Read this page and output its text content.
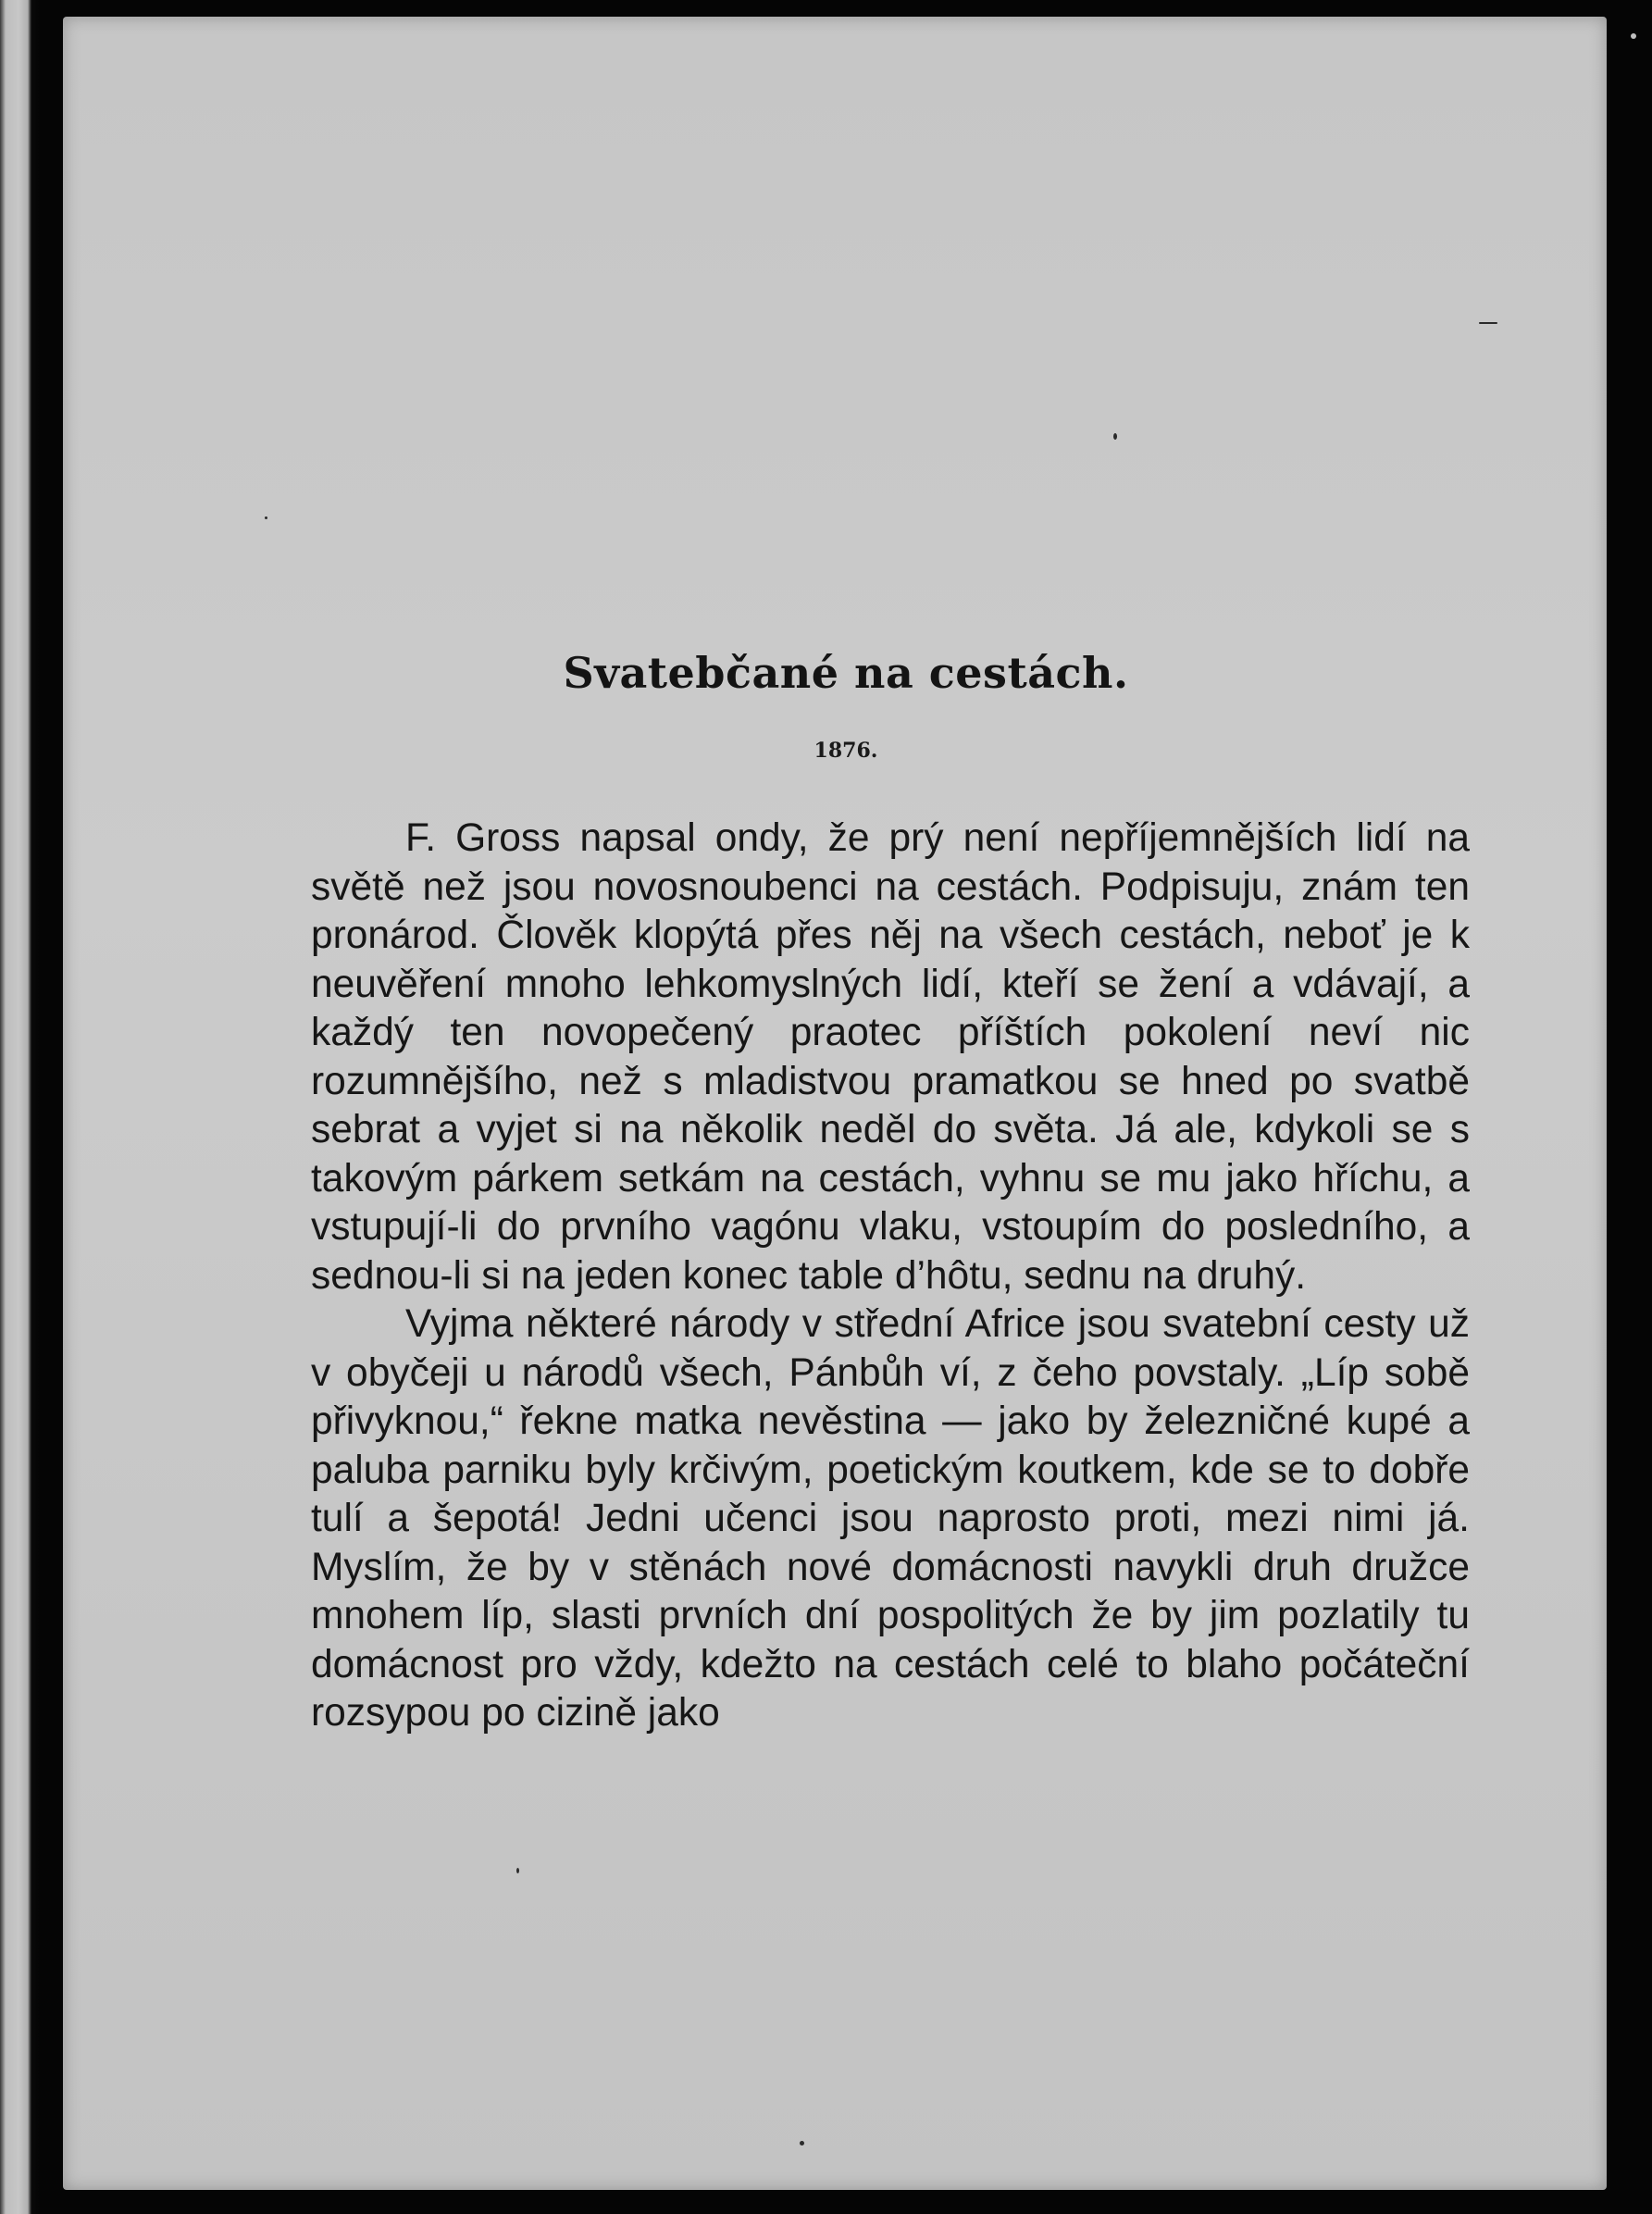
Svatebčané na cestách.
1876.

F. Gross napsal ondy, že prý není nepříjemnějších lidí na světě než jsou novosnoubenci na cestách. Podpisuju, znám ten pronárod. Člověk klopýtá přes něj na všech cestách, neboť je k neuvěření mnoho lehkomyslných lidí, kteří se žení a vdávají, a každý ten novopečený praotec příštích pokolení neví nic rozumnějšího, než s mladistvou pramatkou se hned po svatbě sebrat a vyjet si na několik neděl do světa. Já ale, kdykoli se s takovým párkem setkám na cestách, vyhnu se mu jako hříchu, a vstupují-li do prvního vagónu vlaku, vstoupím do posledního, a sednou-li si na jeden konec table d’hôtu, sednu na druhý.

Vyjma některé národy v střední Africe jsou svatební cesty už v obyčeji u národů všech, Pánbůh ví, z čeho povstaly. „Líp sobě přivyknou,“ řekne matka nevěstina — jako by železničné kupé a paluba parniku byly krčivým, poetickým koutkem, kde se to dobře tulí a šepotá! Jedni učenci jsou naprosto proti, mezi nimi já. Myslím, že by v stěnách nové domácnosti navykli druh družce mnohem líp, slasti prvních dní pospolitých že by jim pozlatily tu domácnost pro vždy, kdežto na cestách celé to blaho počáteční rozsypou po cizině jako
